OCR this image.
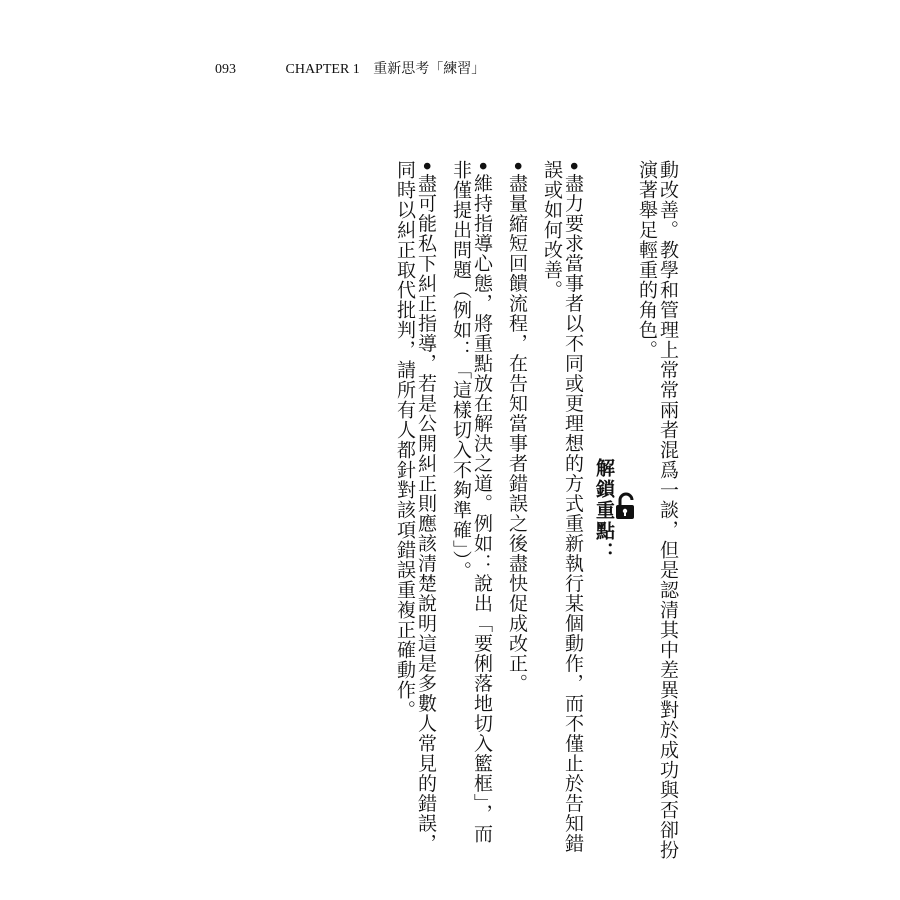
093	CHAPTER 1 重新思考「練習」

動改善。教學和管理上常常兩者混爲一談，但是認清其中差異對於成功與否卻扮演著舉足輕重的角色。

解鎖重點：
•盡力要求當事者以不同或更理想的方式重新執行某個動作，而不僅止於告知錯誤或如何改善。
•盡量縮短回饋流程，在告知當事者錯誤之後盡快促成改正。
•維持指導心態，將重點放在解決之道。例如：說出「要俐落地切入籃框」，而非僅提出問題（例如：「這樣切入不夠準確」）。
•盡可能私下糾正指導，若是公開糾正則應該清楚說明這是多數人常見的錯誤，同時以糾正取代批判，請所有人都針對該項錯誤重複正確動作。
